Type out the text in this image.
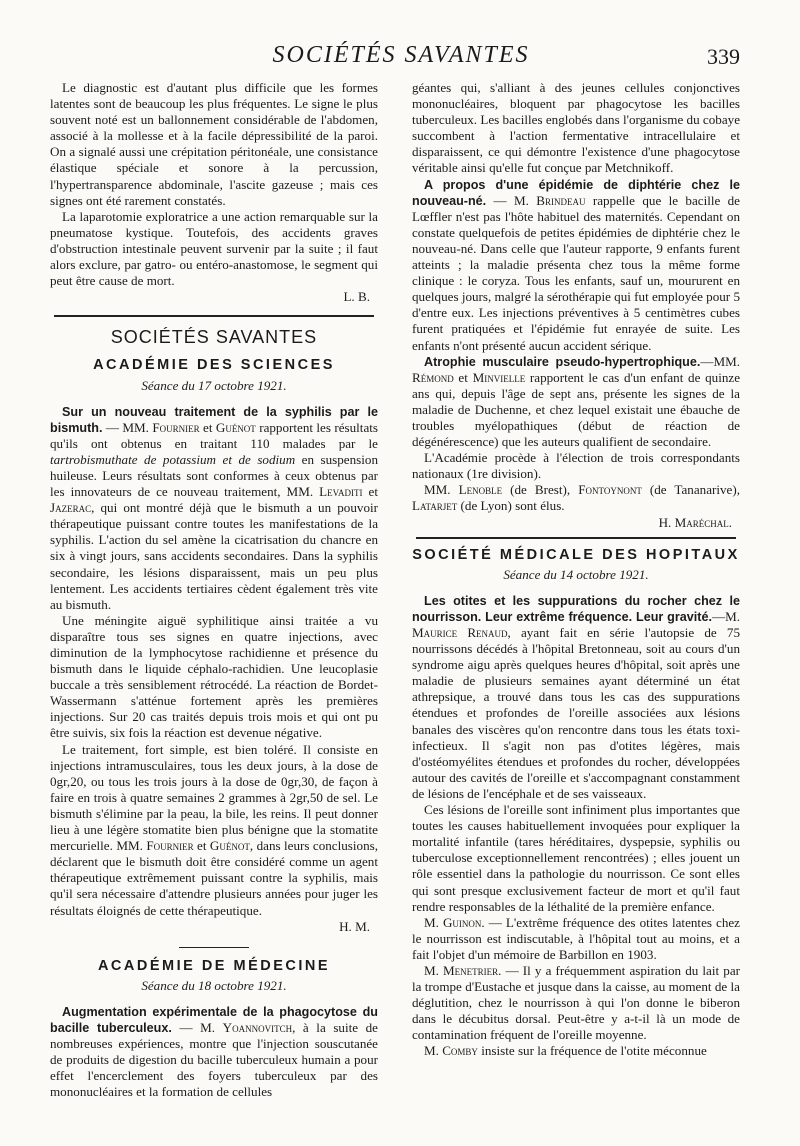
SOCIÉTÉS SAVANTES	339

Le diagnostic est d'autant plus difficile que les formes latentes sont de beaucoup les plus fréquentes. Le signe le plus souvent noté est un ballonnement considérable de l'abdomen, associé à la mollesse et à la facile dépressibilité de la paroi. On a signalé aussi une crépitation péritonéale, une consistance élastique spéciale et sonore à la percussion, l'hypertransparence abdominale, l'ascite gazeuse ; mais ces signes ont été rarement constatés.

La laparotomie exploratrice a une action remarquable sur la pneumatose kystique. Toutefois, des accidents graves d'obstruction intestinale peuvent survenir par la suite ; il faut alors exclure, par gatro- ou entéro-anastomose, le segment qui peut être cause de mort.

L. B.

SOCIÉTÉS SAVANTES
ACADÉMIE DES SCIENCES
Séance du 17 octobre 1921.

Sur un nouveau traitement de la syphilis par le bismuth. — MM. Fournier et Guénot rapportent les résultats qu'ils ont obtenus en traitant 110 malades par le tartrobismuthate de potassium et de sodium en suspension huileuse. Leurs résultats sont conformes à ceux obtenus par les innovateurs de ce nouveau traitement, MM. Levaditi et Jazerac, qui ont montré déjà que le bismuth a un pouvoir thérapeutique puissant contre toutes les manifestations de la syphilis. L'action du sel amène la cicatrisation du chancre en six à vingt jours, sans accidents secondaires. Dans la syphilis secondaire, les lésions disparaissent, mais un peu plus lentement. Les accidents tertiaires cèdent également très vite au bismuth.

Une méningite aiguë syphilitique ainsi traitée a vu disparaître tous ses signes en quatre injections, avec diminution de la lymphocytose rachidienne et présence du bismuth dans le liquide céphalo-rachidien. Une leucoplasie buccale a très sensiblement rétrocédé. La réaction de Bordet-Wassermann s'atténue fortement après les premières injections. Sur 20 cas traités depuis trois mois et qui ont pu être suivis, six fois la réaction est devenue négative.

Le traitement, fort simple, est bien toléré. Il consiste en injections intramusculaires, tous les deux jours, à la dose de 0gr,20, ou tous les trois jours à la dose de 0gr,30, de façon à faire en trois à quatre semaines 2 grammes à 2gr,50 de sel. Le bismuth s'élimine par la peau, la bile, les reins. Il peut donner lieu à une légère stomatite bien plus bénigne que la stomatite mercurielle. MM. Fournier et Guénot, dans leurs conclusions, déclarent que le bismuth doit être considéré comme un agent thérapeutique extrêmement puissant contre la syphilis, mais qu'il sera nécessaire d'attendre plusieurs années pour juger les résultats éloignés de cette thérapeutique.

H. M.

ACADÉMIE DE MÉDECINE
Séance du 18 octobre 1921.

Augmentation expérimentale de la phagocytose du bacille tuberculeux. — M. Yoannovitch, à la suite de nombreuses expériences, montre que l'injection souscutanée de produits de digestion du bacille tuberculeux humain a pour effet l'encerclement des foyers tuberculeux par des mononucléaires et la formation de cellules

géantes qui, s'alliant à des jeunes cellules conjonctives mononucléaires, bloquent par phagocytose les bacilles tuberculeux. Les bacilles englobés dans l'organisme du cobaye succombent à l'action fermentative intracellulaire et disparaissent, ce qui démontre l'existence d'une phagocytose véritable ainsi qu'elle fut conçue par Metchnikoff.

A propos d'une épidémie de diphtérie chez le nouveau-né. — M. Brindeau rappelle que le bacille de Lœffler n'est pas l'hôte habituel des maternités. Cependant on constate quelquefois de petites épidémies de diphtérie chez le nouveau-né. Dans celle que l'auteur rapporte, 9 enfants furent atteints ; la maladie présenta chez tous la même forme clinique : le coryza. Tous les enfants, sauf un, moururent en quelques jours, malgré la sérothérapie qui fut employée pour 5 d'entre eux. Les injections préventives à 5 centimètres cubes furent pratiquées et l'épidémie fut enrayée de suite. Les enfants n'ont présenté aucun accident sérique.

Atrophie musculaire pseudo-hypertrophique.—MM. Rémond et Minvielle rapportent le cas d'un enfant de quinze ans qui, depuis l'âge de sept ans, présente les signes de la maladie de Duchenne, et chez lequel existait une ébauche de troubles myélopathiques (début de réaction de dégénérescence) que les auteurs qualifient de secondaire.

L'Académie procède à l'élection de trois correspondants nationaux (1re division).

MM. Lenoble (de Brest), Fontoynont (de Tananarive), Latarjet (de Lyon) sont élus.

H. Maréchal.

SOCIÉTÉ MÉDICALE DES HOPITAUX
Séance du 14 octobre 1921.

Les otites et les suppurations du rocher chez le nourrisson. Leur extrême fréquence. Leur gravité.—M. Maurice Renaud, ayant fait en série l'autopsie de 75 nourrissons décédés à l'hôpital Bretonneau, soit au cours d'un syndrome aigu après quelques heures d'hôpital, soit après une maladie de plusieurs semaines ayant déterminé un état athrepsique, a trouvé dans tous les cas des suppurations étendues et profondes de l'oreille associées aux lésions banales des viscères qu'on rencontre dans tous les états toxi-infectieux. Il s'agit non pas d'otites légères, mais d'ostéomyélites étendues et profondes du rocher, développées autour des cavités de l'oreille et s'accompagnant constamment de lésions de l'encéphale et de ses vaisseaux.

Ces lésions de l'oreille sont infiniment plus importantes que toutes les causes habituellement invoquées pour expliquer la mortalité infantile (tares héréditaires, dyspepsie, syphilis ou tuberculose exceptionnellement rencontrées) ; elles jouent un rôle essentiel dans la pathologie du nourrisson. Ce sont elles qui sont presque exclusivement facteur de mort et qu'il faut rendre responsables de la léthalité de la première enfance.

M. Guinon. — L'extrême fréquence des otites latentes chez le nourrisson est indiscutable, à l'hôpital tout au moins, et a fait l'objet d'un mémoire de Barbillon en 1903.

M. Menetrier. — Il y a fréquemment aspiration du lait par la trompe d'Eustache et jusque dans la caisse, au moment de la déglutition, chez le nourrisson à qui l'on donne le biberon dans le décubitus dorsal. Peut-être y a-t-il là un mode de contamination fréquent de l'oreille moyenne.

M. Comby insiste sur la fréquence de l'otite méconnue
